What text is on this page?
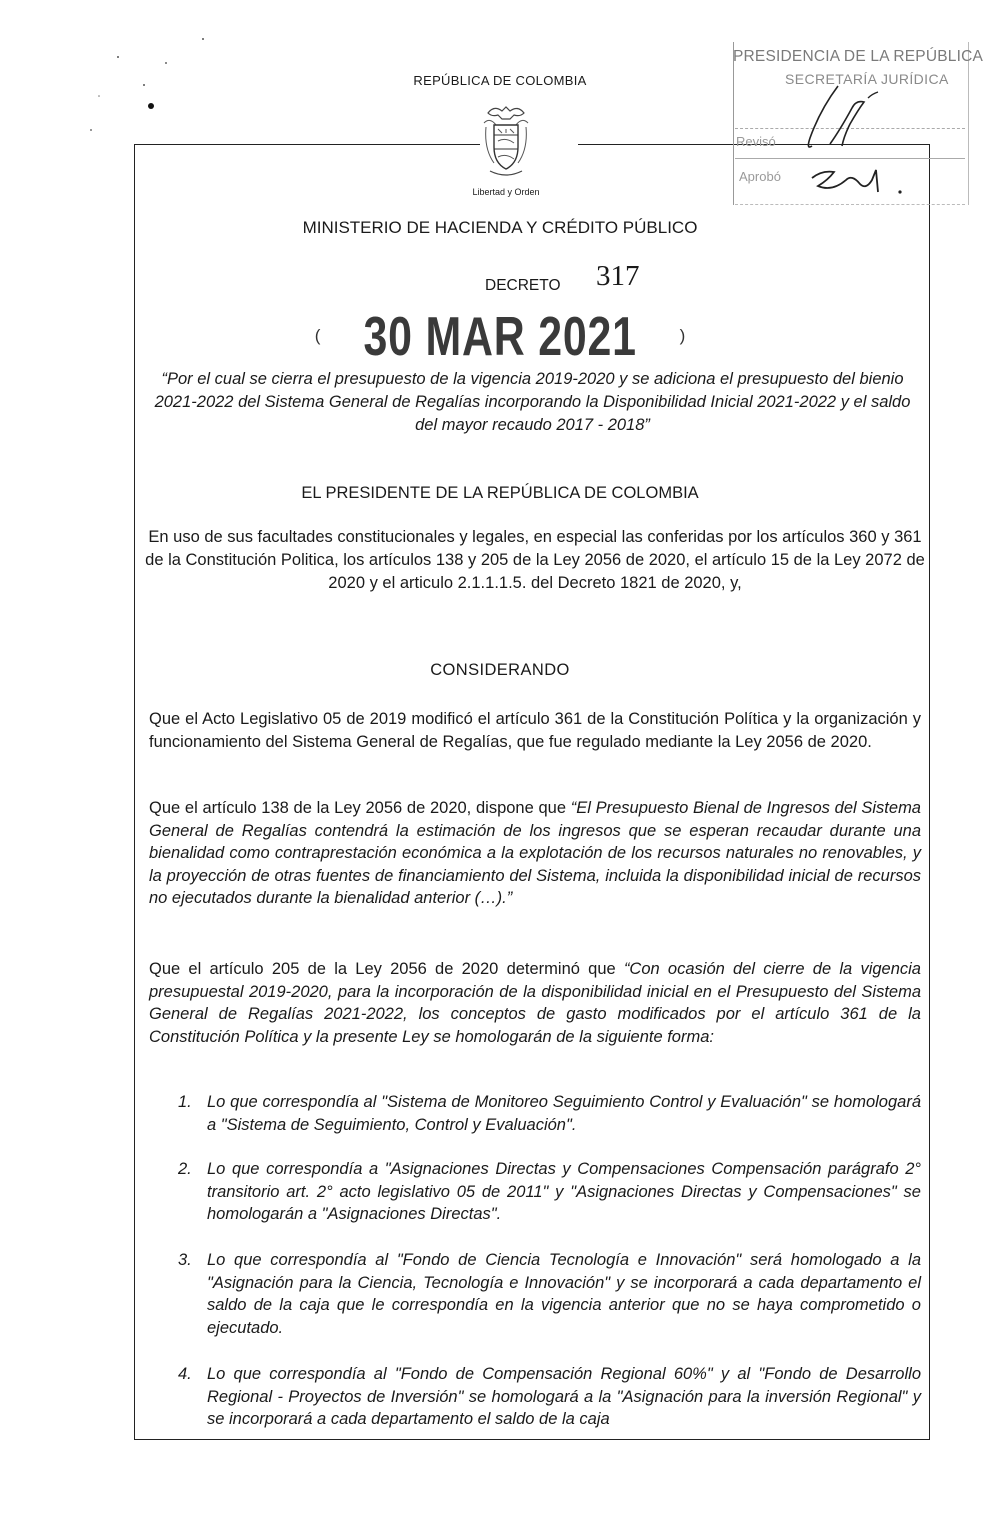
REPÚBLICA DE COLOMBIA
Libertad y Orden
MINISTERIO DE HACIENDA Y CRÉDITO PÚBLICO
DECRETO 317
( 30 MAR 2021	)
PRESIDENCIA DE LA REPÚBLICA
SECRETARÍA JURÍDICA
Revisó
Aprobó
“Por el cual se cierra el presupuesto de la vigencia 2019-2020 y se adiciona el presupuesto del bienio 2021-2022 del Sistema General de Regalías incorporando la Disponibilidad Inicial 2021-2022 y el saldo del mayor recaudo 2017 - 2018”
EL PRESIDENTE DE LA REPÚBLICA DE COLOMBIA
En uso de sus facultades constitucionales y legales, en especial las conferidas por los artículos 360 y 361 de la Constitución Politica, los artículos 138 y 205 de la Ley 2056 de 2020, el artículo 15 de la Ley 2072 de 2020 y el articulo 2.1.1.1.5. del Decreto 1821 de 2020, y,
CONSIDERANDO
Que el Acto Legislativo 05 de 2019 modificó el artículo 361 de la Constitución Política y la organización y funcionamiento del Sistema General de Regalías, que fue regulado mediante la Ley 2056 de 2020.
Que el artículo 138 de la Ley 2056 de 2020, dispone que “El Presupuesto Bienal de Ingresos del Sistema General de Regalías contendrá la estimación de los ingresos que se esperan recaudar durante una bienalidad como contraprestación económica a la explotación de los recursos naturales no renovables, y la proyección de otras fuentes de financiamiento del Sistema, incluida la disponibilidad inicial de recursos no ejecutados durante la bienalidad anterior (…).”
Que el artículo 205 de la Ley 2056 de 2020 determinó que “Con ocasión del cierre de la vigencia presupuestal 2019-2020, para la incorporación de la disponibilidad inicial en el Presupuesto del Sistema General de Regalías 2021-2022, los conceptos de gasto modificados por el artículo 361 de la Constitución Política y la presente Ley se homologarán de la siguiente forma:
1. Lo que correspondía al "Sistema de Monitoreo Seguimiento Control y Evaluación" se homologará a "Sistema de Seguimiento, Control y Evaluación".
2. Lo que correspondía a "Asignaciones Directas y Compensaciones Compensación parágrafo 2° transitorio art. 2° acto legislativo 05 de 2011" y "Asignaciones Directas y Compensaciones" se homologarán a "Asignaciones Directas".
3. Lo que correspondía al "Fondo de Ciencia Tecnología e Innovación" será homologado a la "Asignación para la Ciencia, Tecnología e Innovación" y se incorporará a cada departamento el saldo de la caja que le correspondía en la vigencia anterior que no se haya comprometido o ejecutado.
4. Lo que correspondía al "Fondo de Compensación Regional 60%" y al "Fondo de Desarrollo Regional - Proyectos de Inversión" se homologará a la "Asignación para la inversión Regional" y se incorporará a cada departamento el saldo de la caja
